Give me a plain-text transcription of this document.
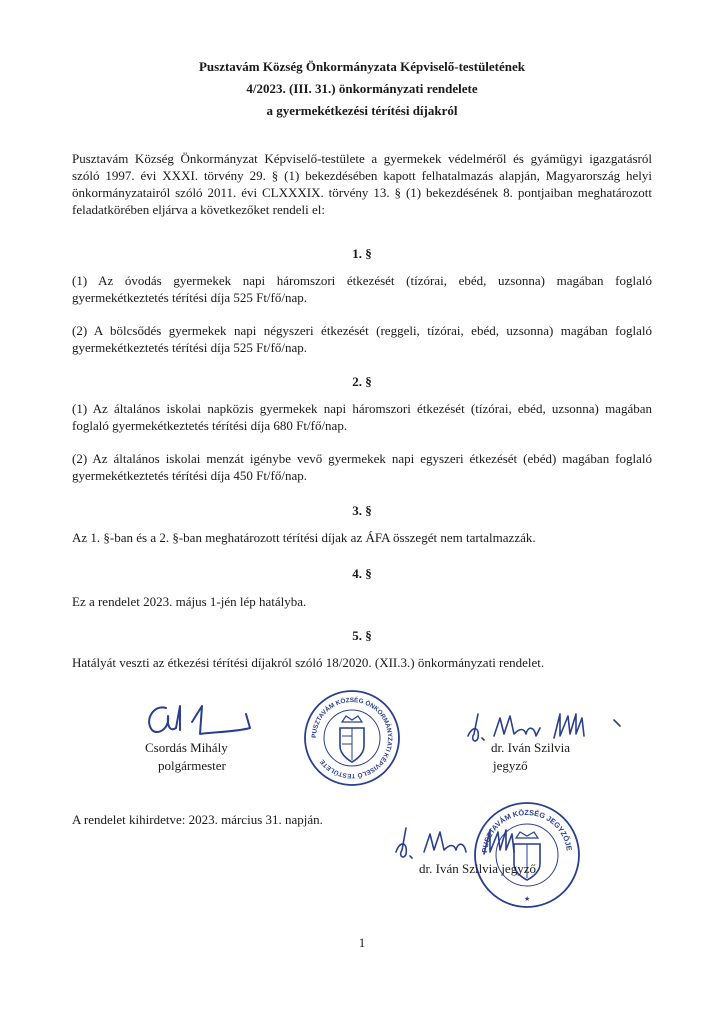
Pusztavám Község Önkormányzata Képviselő-testületének
4/2023. (III. 31.) önkormányzati rendelete
a gyermekétkezési térítési díjakról

Pusztavám Község Önkormányzat Képviselő-testülete a gyermekek védelméről és gyámügyi igazgatásról szóló 1997. évi XXXI. törvény 29. § (1) bekezdésében kapott felhatalmazás alapján, Magyarország helyi önkormányzatairól szóló 2011. évi CLXXXIX. törvény 13. § (1) bekezdésének 8. pontjaiban meghatározott feladatkörében eljárva a következőket rendeli el:

1. §

(1) Az óvodás gyermekek napi háromszori étkezését (tízórai, ebéd, uzsonna) magában foglaló gyermekétkeztetés térítési díja 525 Ft/fő/nap.

(2) A bölcsődés gyermekek napi négyszeri étkezését (reggeli, tízórai, ebéd, uzsonna) magában foglaló gyermekétkeztetés térítési díja 525 Ft/fő/nap.

2. §

(1) Az általános iskolai napközis gyermekek napi háromszori étkezését (tízórai, ebéd, uzsonna) magában foglaló gyermekétkeztetés térítési díja 680 Ft/fő/nap.

(2) Az általános iskolai menzát igénybe vevő gyermekek napi egyszeri étkezését (ebéd) magában foglaló gyermekétkeztetés térítési díja 450 Ft/fő/nap.

3. §

Az 1. §-ban és a 2. §-ban meghatározott térítési díjak az ÁFA összegét nem tartalmazzák.

4. §

Ez a rendelet 2023. május 1-jén lép hatályba.

5. §

Hatályát veszti az étkezési térítési díjakról szóló 18/2020. (XII.3.) önkormányzati rendelet.

Csordás Mihály
polgármester
PUSZTAVÁM KÖZSÉG ÖNKORMÁNYZATI KÉPVISELŐ TESTÜLETE
dr. Iván Szilvia
jegyző
A rendelet kihirdetve: 2023. március 31. napján.
PUSZTAVÁM KÖZSÉG JEGYZŐJE
★
dr. Iván Szilvia jegyző
1
